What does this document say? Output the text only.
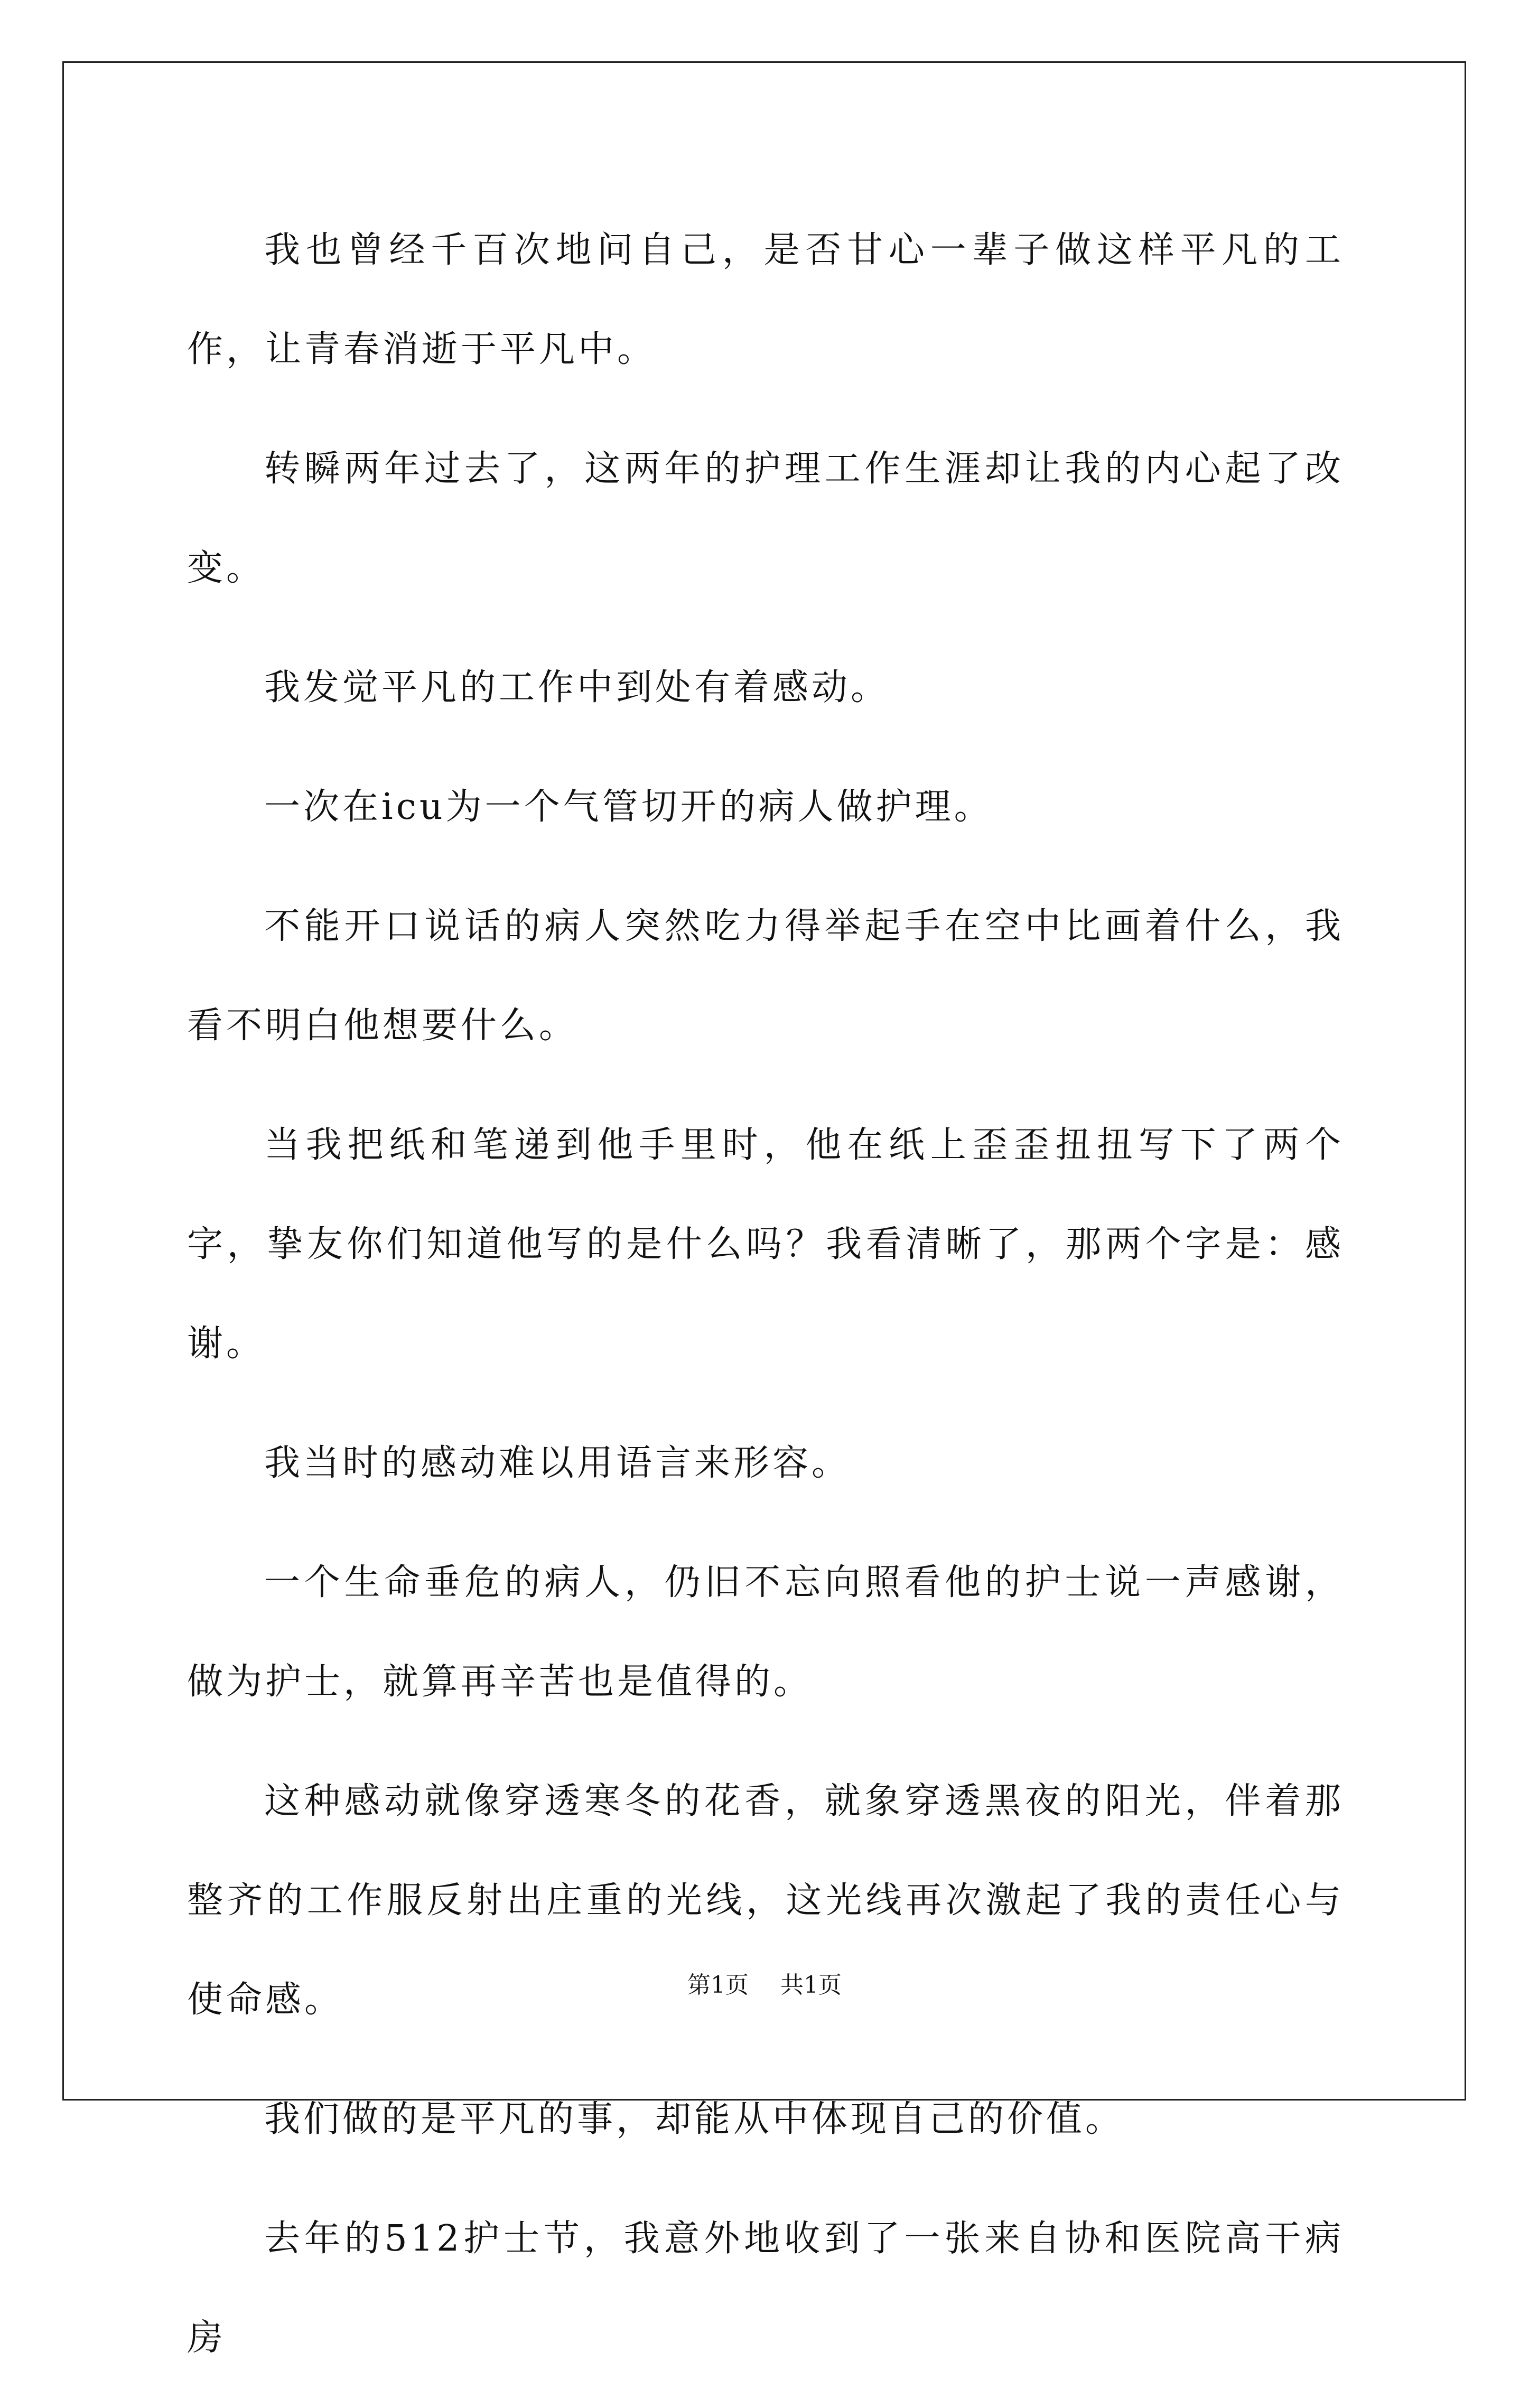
我也曾经千百次地问自己，是否甘心一辈子做这样平凡的工作，让青春消逝于平凡中。

转瞬两年过去了，这两年的护理工作生涯却让我的内心起了改变。

我发觉平凡的工作中到处有着感动。

一次在icu为一个气管切开的病人做护理。

不能开口说话的病人突然吃力得举起手在空中比画着什么，我看不明白他想要什么。

当我把纸和笔递到他手里时，他在纸上歪歪扭扭写下了两个字，挚友你们知道他写的是什么吗？我看清晰了，那两个字是：感谢。

我当时的感动难以用语言来形容。

一个生命垂危的病人，仍旧不忘向照看他的护士说一声感谢，做为护士，就算再辛苦也是值得的。

这种感动就像穿透寒冬的花香，就象穿透黑夜的阳光，伴着那整齐的工作服反射出庄重的光线，这光线再次激起了我的责任心与使命感。

我们做的是平凡的事，却能从中体现自己的价值。

去年的512护士节，我意外地收到了一张来自协和医院高干病房

第1页 共1页
